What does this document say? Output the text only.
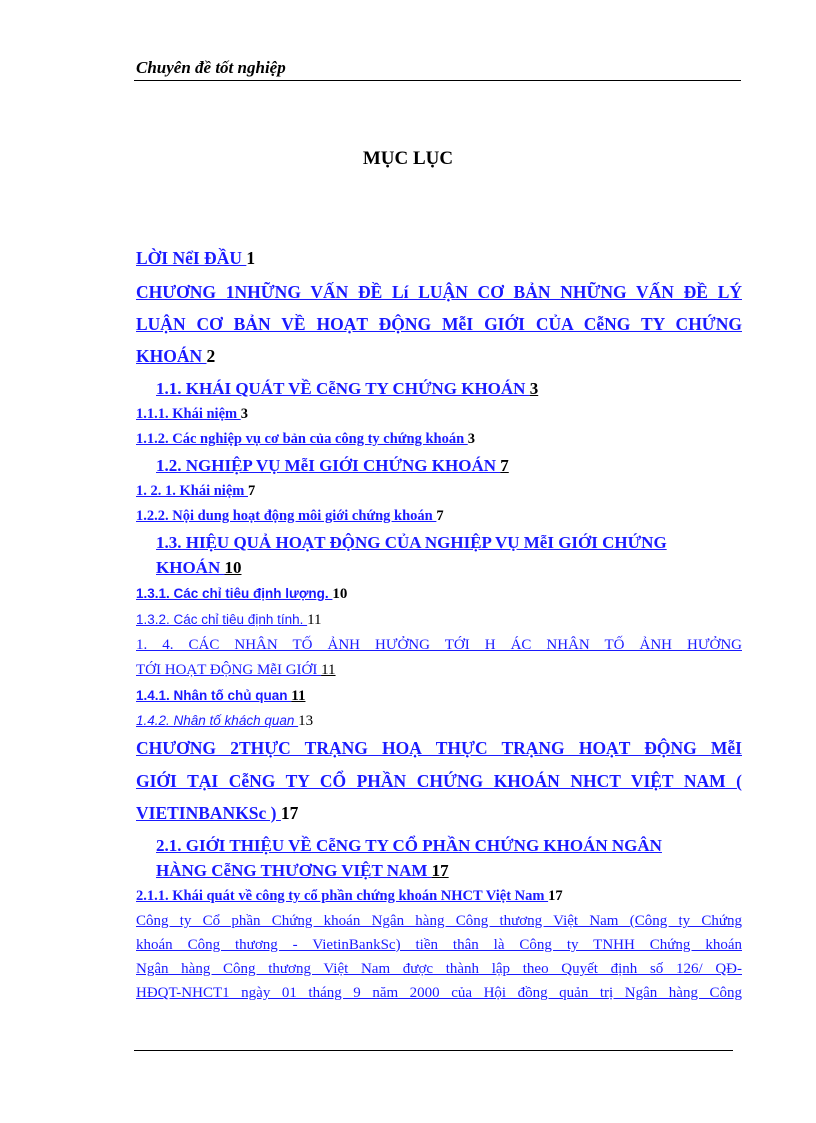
Chuyên đề tốt nghiệp
MỤC LỤC
LỜI NểI ĐẦU 1
CHƯƠNG 1NHỮNG VẤN ĐỀ Lí LUẬN CƠ BẢN NHỮNG VẤN ĐỀ LÝ
LUẬN CƠ BẢN VỀ HOẠT ĐỘNG MễI GIỚI CỦA CễNG TY CHỨNG
KHOÁN 2
1.1. KHÁI QUÁT VỀ CễNG TY CHỨNG KHOÁN 3
1.1.1. Khái niệm 3
1.1.2. Các nghiệp vụ cơ bản của công ty chứng khoán 3
1.2. NGHIỆP VỤ MễI GIỚI CHỨNG KHOÁN 7
1. 2. 1. Khái niệm 7
1.2.2. Nội dung hoạt động môi giới chứng khoán 7
1.3. HIỆU QUẢ HOẠT ĐỘNG CỦA NGHIỆP VỤ MễI GIỚI CHỨNG
KHOÁN 10
1.3.1. Các chỉ tiêu định lượng. 10
1.3.2. Các chỉ tiêu định tính. 11
1. 4. CÁC NHÂN TỐ ẢNH HƯỞNG TỚI H ÁC NHÂN TỐ ẢNH HƯỞNG
TỚI HOẠT ĐỘNG MễI GIỚI 11
1.4.1. Nhân tố chủ quan 11
1.4.2. Nhân tố khách quan 13
CHƯƠNG 2THỰC TRẠNG HOẠ THỰC TRẠNG HOẠT ĐỘNG MễI
GIỚI TẠI CễNG TY CỔ PHẦN CHỨNG KHOÁN NHCT VIỆT NAM (
VIETINBANKSc ) 17
2.1. GIỚI THIỆU VỀ CễNG TY CỔ PHẦN CHỨNG KHOÁN NGÂN
HÀNG CễNG THƯƠNG VIỆT NAM 17
2.1.1. Khái quát về công ty cổ phần chứng khoán NHCT Việt Nam 17
Công ty Cổ phần Chứng khoán Ngân hàng Công thương Việt Nam (Công ty Chứng
khoán Công thương - VietinBankSc) tiền thân là Công ty TNHH Chứng khoán
Ngân hàng Công thương Việt Nam được thành lập theo Quyết định số 126/ QĐ-
HĐQT-NHCT1 ngày 01 tháng 9 năm 2000 của Hội đồng quản trị Ngân hàng Công
